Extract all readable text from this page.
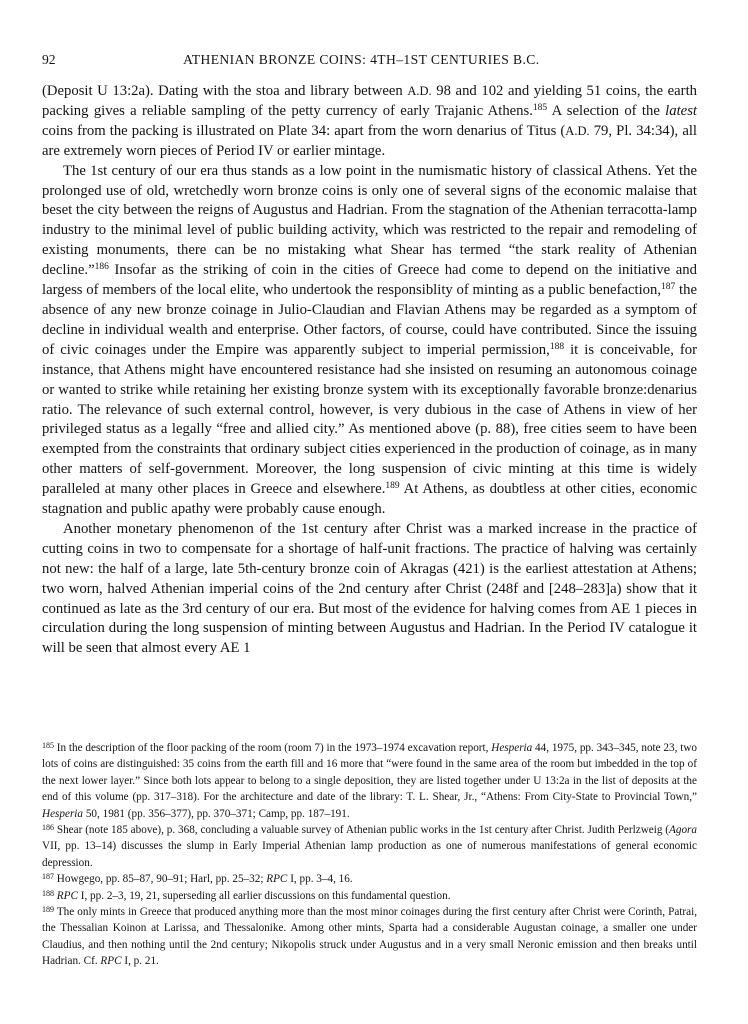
92	ATHENIAN BRONZE COINS: 4TH–1ST CENTURIES B.C.

(Deposit U 13:2a). Dating with the stoa and library between A.D. 98 and 102 and yielding 51 coins, the earth packing gives a reliable sampling of the petty currency of early Trajanic Athens.$^{185}$ A selection of the latest coins from the packing is illustrated on Plate 34: apart from the worn denarius of Titus (A.D. 79, Pl. 34:34), all are extremely worn pieces of Period IV or earlier mintage.

The 1st century of our era thus stands as a low point in the numismatic history of classical Athens. Yet the prolonged use of old, wretchedly worn bronze coins is only one of several signs of the economic malaise that beset the city between the reigns of Augustus and Hadrian. From the stagnation of the Athenian terracotta-lamp industry to the minimal level of public building activity, which was restricted to the repair and remodeling of existing monuments, there can be no mistaking what Shear has termed “the stark reality of Athenian decline.”$^{186}$ Insofar as the striking of coin in the cities of Greece had come to depend on the initiative and largess of members of the local elite, who undertook the responsiblity of minting as a public benefaction,$^{187}$ the absence of any new bronze coinage in Julio-Claudian and Flavian Athens may be regarded as a symptom of decline in individual wealth and enterprise. Other factors, of course, could have contributed. Since the issuing of civic coinages under the Empire was apparently subject to imperial permission,$^{188}$ it is conceivable, for instance, that Athens might have encountered resistance had she insisted on resuming an autonomous coinage or wanted to strike while retaining her existing bronze system with its exceptionally favorable bronze:denarius ratio. The relevance of such external control, however, is very dubious in the case of Athens in view of her privileged status as a legally “free and allied city.” As mentioned above (p. 88), free cities seem to have been exempted from the constraints that ordinary subject cities experienced in the production of coinage, as in many other matters of self-government. Moreover, the long suspension of civic minting at this time is widely paralleled at many other places in Greece and elsewhere.$^{189}$ At Athens, as doubtless at other cities, economic stagnation and public apathy were probably cause enough.

Another monetary phenomenon of the 1st century after Christ was a marked increase in the practice of cutting coins in two to compensate for a shortage of half-unit fractions. The practice of halving was certainly not new: the half of a large, late 5th-century bronze coin of Akragas (421) is the earliest attestation at Athens; two worn, halved Athenian imperial coins of the 2nd century after Christ (248f and [248–283]a) show that it continued as late as the 3rd century of our era. But most of the evidence for halving comes from AE 1 pieces in circulation during the long suspension of minting between Augustus and Hadrian. In the Period IV catalogue it will be seen that almost every AE 1

$^{185}$ In the description of the floor packing of the room (room 7) in the 1973–1974 excavation report, Hesperia 44, 1975, pp. 343–345, note 23, two lots of coins are distinguished: 35 coins from the earth fill and 16 more that “were found in the same area of the room but imbedded in the top of the next lower layer.” Since both lots appear to belong to a single deposition, they are listed together under U 13:2a in the list of deposits at the end of this volume (pp. 317–318). For the architecture and date of the library: T. L. Shear, Jr., “Athens: From City-State to Provincial Town,” Hesperia 50, 1981 (pp. 356–377), pp. 370–371; Camp, pp. 187–191.

$^{186}$ Shear (note 185 above), p. 368, concluding a valuable survey of Athenian public works in the 1st century after Christ. Judith Perlzweig (Agora VII, pp. 13–14) discusses the slump in Early Imperial Athenian lamp production as one of numerous manifestations of general economic depression.

$^{187}$ Howgego, pp. 85–87, 90–91; Harl, pp. 25–32; RPC I, pp. 3–4, 16.

$^{188}$ RPC I, pp. 2–3, 19, 21, superseding all earlier discussions on this fundamental question.

$^{189}$ The only mints in Greece that produced anything more than the most minor coinages during the first century after Christ were Corinth, Patrai, the Thessalian Koinon at Larissa, and Thessalonike. Among other mints, Sparta had a considerable Augustan coinage, a smaller one under Claudius, and then nothing until the 2nd century; Nikopolis struck under Augustus and in a very small Neronic emission and then breaks until Hadrian. Cf. RPC I, p. 21.
